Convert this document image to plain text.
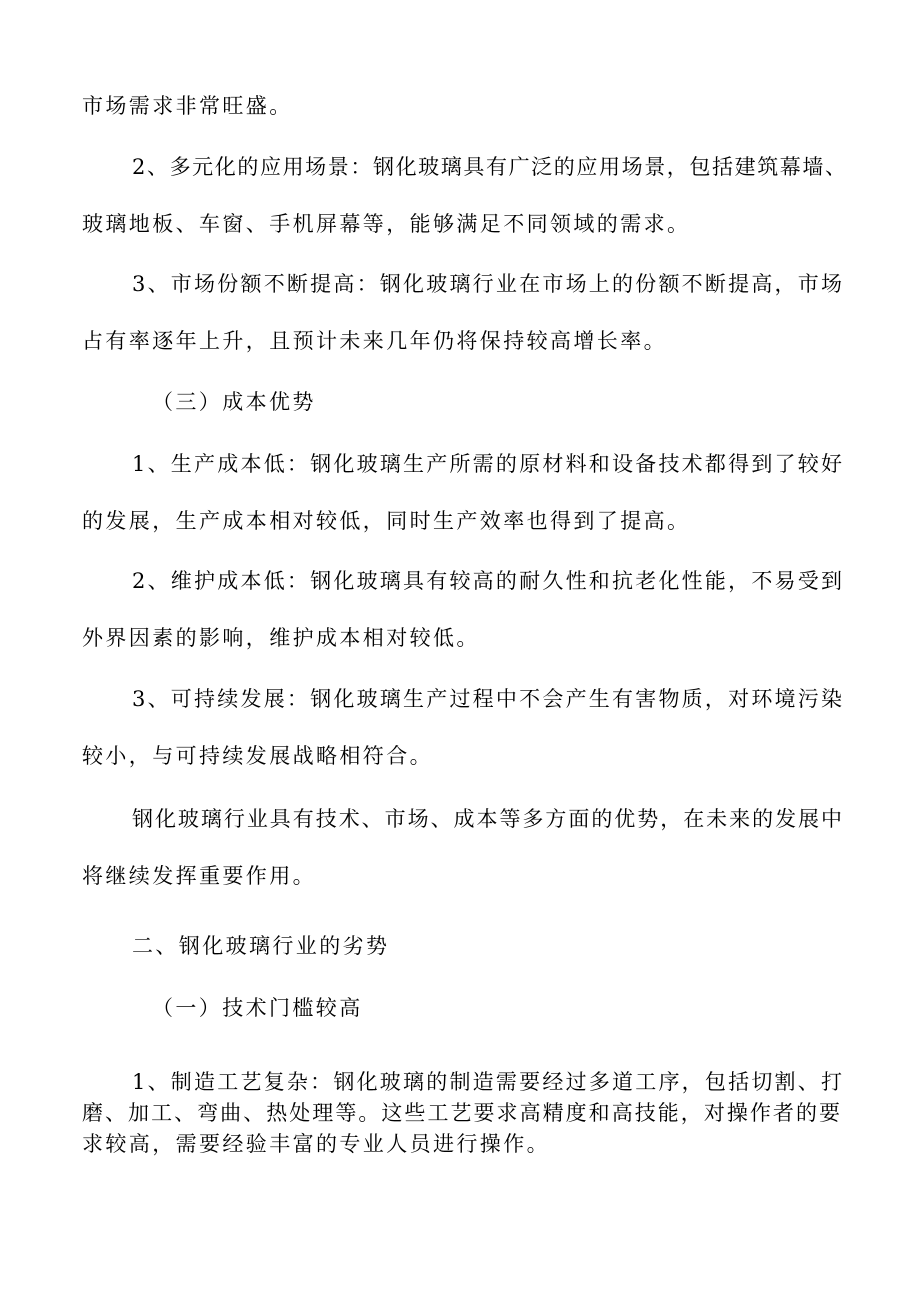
市场需求非常旺盛。
2、多元化的应用场景：钢化玻璃具有广泛的应用场景，包括建筑幕墙、
玻璃地板、车窗、手机屏幕等，能够满足不同领域的需求。
3、市场份额不断提高：钢化玻璃行业在市场上的份额不断提高，市场
占有率逐年上升，且预计未来几年仍将保持较高增长率。
（三）成本优势
1、生产成本低：钢化玻璃生产所需的原材料和设备技术都得到了较好
的发展，生产成本相对较低，同时生产效率也得到了提高。
2、维护成本低：钢化玻璃具有较高的耐久性和抗老化性能，不易受到
外界因素的影响，维护成本相对较低。
3、可持续发展：钢化玻璃生产过程中不会产生有害物质，对环境污染
较小，与可持续发展战略相符合。
钢化玻璃行业具有技术、市场、成本等多方面的优势，在未来的发展中
将继续发挥重要作用。
二、钢化玻璃行业的劣势
（一）技术门槛较高
1、制造工艺复杂：钢化玻璃的制造需要经过多道工序，包括切割、打
磨、加工、弯曲、热处理等。这些工艺要求高精度和高技能，对操作者的要
求较高，需要经验丰富的专业人员进行操作。
